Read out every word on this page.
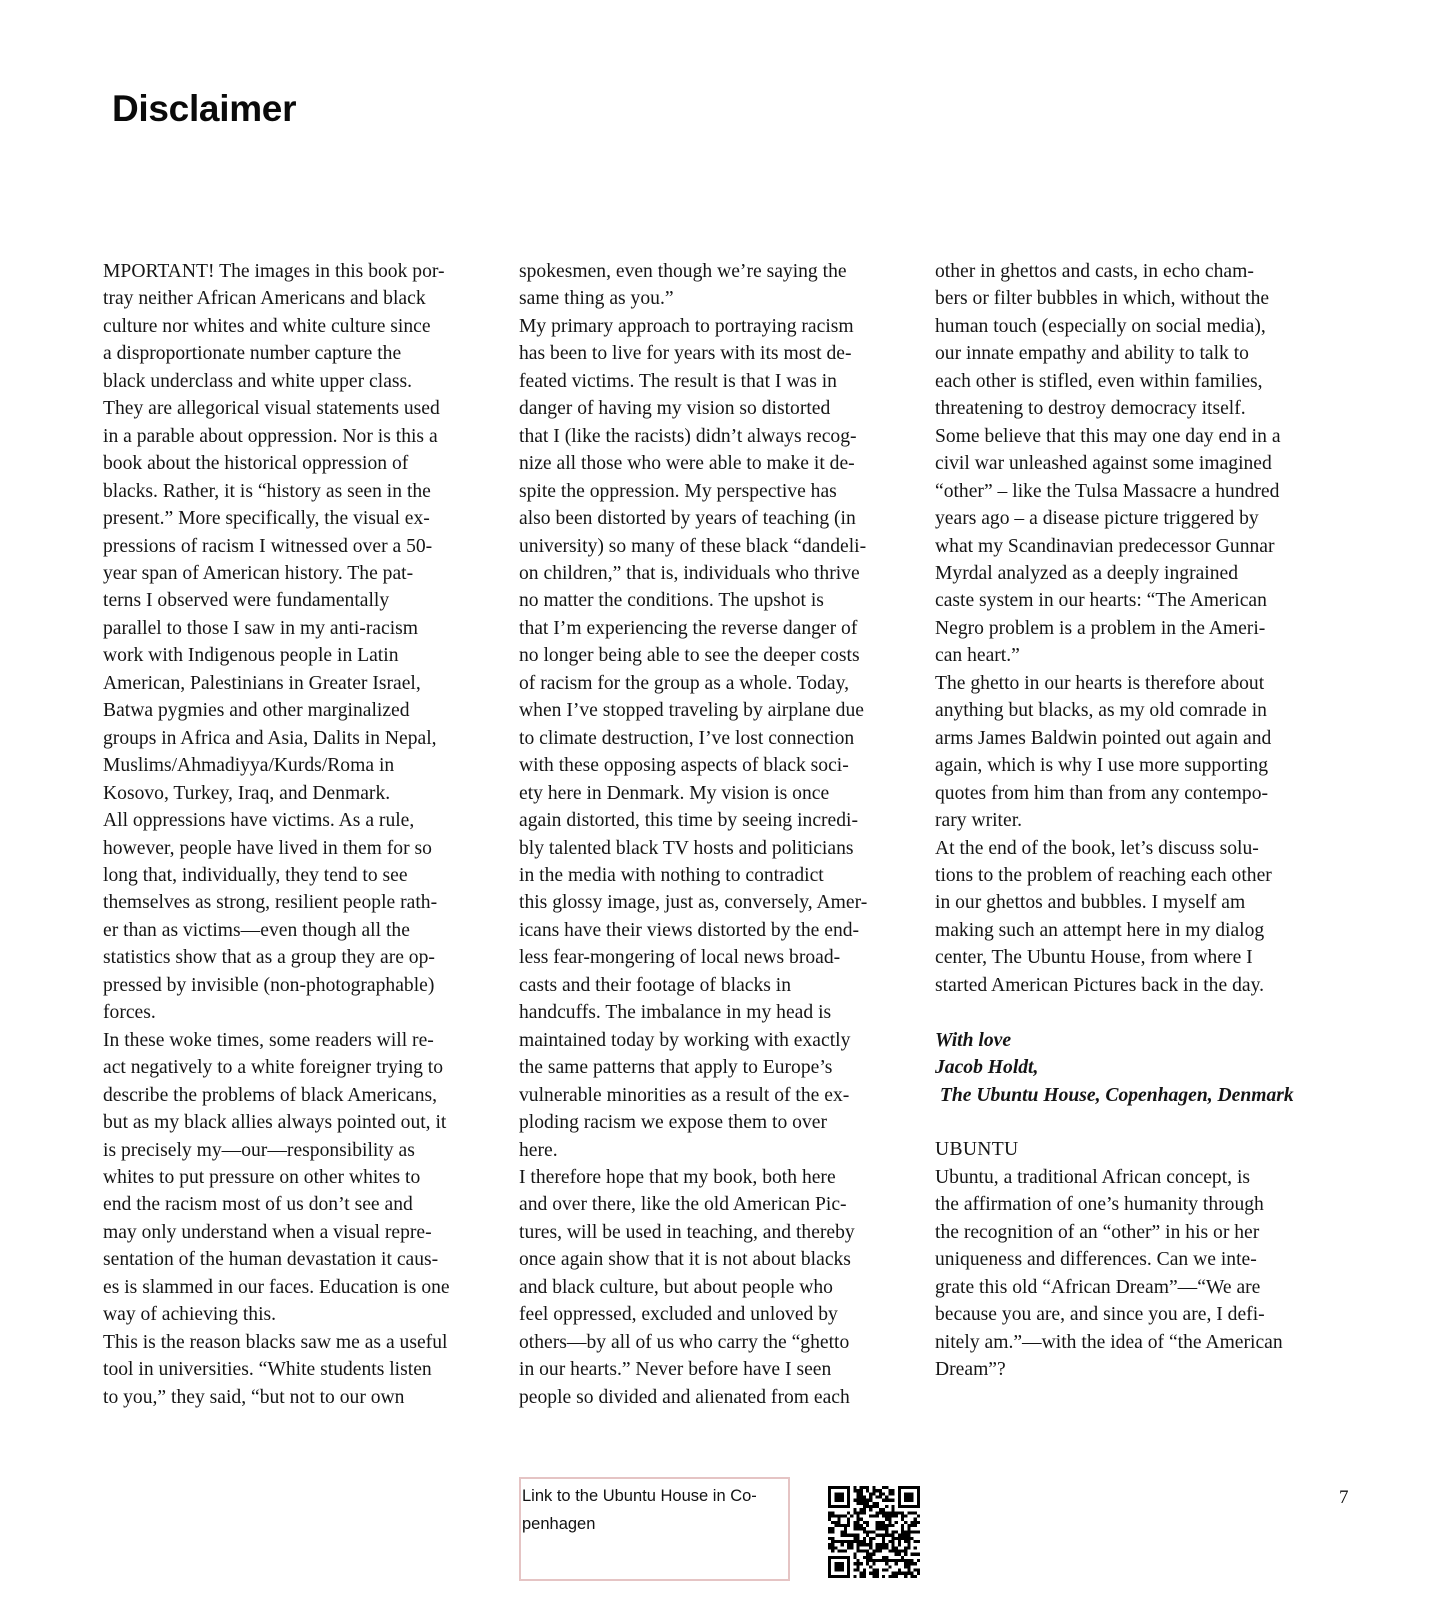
Disclaimer
MPORTANT! The images in this book por-
tray neither African Americans and black
culture nor whites and white culture since
a disproportionate number capture the
black underclass and white upper class.
They are allegorical visual statements used
in a parable about oppression. Nor is this a
book about the historical oppression of
blacks. Rather, it is “history as seen in the
present.” More specifically, the visual ex-
pressions of racism I witnessed over a 50-
year span of American history. The pat-
terns I observed were fundamentally
parallel to those I saw in my anti-racism
work with Indigenous people in Latin
American, Palestinians in Greater Israel,
Batwa pygmies and other marginalized
groups in Africa and Asia, Dalits in Nepal,
Muslims/Ahmadiyya/Kurds/Roma in
Kosovo, Turkey, Iraq, and Denmark.
All oppressions have victims. As a rule,
however, people have lived in them for so
long that, individually, they tend to see
themselves as strong, resilient people rath-
er than as victims—even though all the
statistics show that as a group they are op-
pressed by invisible (non-photographable)
forces.
In these woke times, some readers will re-
act negatively to a white foreigner trying to
describe the problems of black Americans,
but as my black allies always pointed out, it
is precisely my—our—responsibility as
whites to put pressure on other whites to
end the racism most of us don’t see and
may only understand when a visual repre-
sentation of the human devastation it caus-
es is slammed in our faces. Education is one
way of achieving this.
This is the reason blacks saw me as a useful
tool in universities. “White students listen
to you,” they said, “but not to our own
spokesmen, even though we’re saying the
same thing as you.”
My primary approach to portraying racism
has been to live for years with its most de-
feated victims. The result is that I was in
danger of having my vision so distorted
that I (like the racists) didn’t always recog-
nize all those who were able to make it de-
spite the oppression. My perspective has
also been distorted by years of teaching (in
university) so many of these black “dandeli-
on children,” that is, individuals who thrive
no matter the conditions. The upshot is
that I’m experiencing the reverse danger of
no longer being able to see the deeper costs
of racism for the group as a whole. Today,
when I’ve stopped traveling by airplane due
to climate destruction, I’ve lost connection
with these opposing aspects of black soci-
ety here in Denmark. My vision is once
again distorted, this time by seeing incredi-
bly talented black TV hosts and politicians
in the media with nothing to contradict
this glossy image, just as, conversely, Amer-
icans have their views distorted by the end-
less fear-mongering of local news broad-
casts and their footage of blacks in
handcuffs. The imbalance in my head is
maintained today by working with exactly
the same patterns that apply to Europe’s
vulnerable minorities as a result of the ex-
ploding racism we expose them to over
here.
I therefore hope that my book, both here
and over there, like the old American Pic-
tures, will be used in teaching, and thereby
once again show that it is not about blacks
and black culture, but about people who
feel oppressed, excluded and unloved by
others—by all of us who carry the “ghetto
in our hearts.” Never before have I seen
people so divided and alienated from each
other in ghettos and casts, in echo cham-
bers or filter bubbles in which, without the
human touch (especially on social media),
our innate empathy and ability to talk to
each other is stifled, even within families,
threatening to destroy democracy itself.
Some believe that this may one day end in a
civil war unleashed against some imagined
“other” – like the Tulsa Massacre a hundred
years ago – a disease picture triggered by
what my Scandinavian predecessor Gunnar
Myrdal analyzed as a deeply ingrained
caste system in our hearts: “The American
Negro problem is a problem in the Ameri-
can heart.”
The ghetto in our hearts is therefore about
anything but blacks, as my old comrade in
arms James Baldwin pointed out again and
again, which is why I use more supporting
quotes from him than from any contempo-
rary writer.
At the end of the book, let’s discuss solu-
tions to the problem of reaching each other
in our ghettos and bubbles. I myself am
making such an attempt here in my dialog
center, The Ubuntu House, from where I
started American Pictures back in the day.
With love
Jacob Holdt,
The Ubuntu House, Copenhagen, Denmark
UBUNTU
Ubuntu, a traditional African concept, is
the affirmation of one’s humanity through
the recognition of an “other” in his or her
uniqueness and differences. Can we inte-
grate this old “African Dream”—“We are
because you are, and since you are, I defi-
nitely am.”—with the idea of “the American
Dream”?
Link to the Ubuntu House in Co-
penhagen
7
